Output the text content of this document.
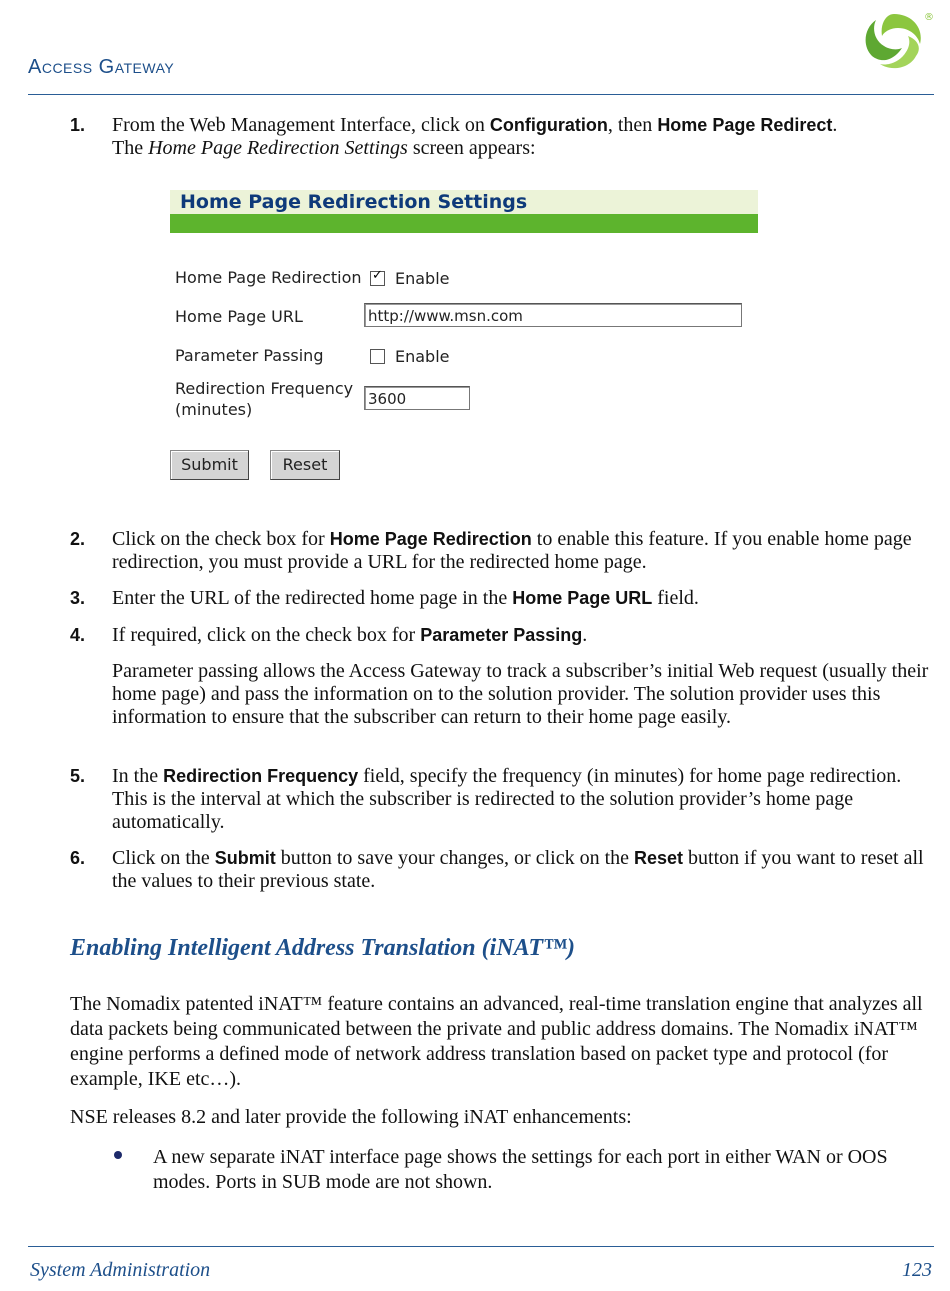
Access Gateway
®
1. From the Web Management Interface, click on Configuration, then Home Page Redirect.
The Home Page Redirection Settings screen appears:
Home Page Redirection Settings
Home Page Redirection
✓ Enable
Home Page URL	http://www.msn.com
Parameter Passing	Enable
Redirection Frequency
(minutes)
3600
Submit	Reset
2. Click on the check box for Home Page Redirection to enable this feature. If you enable home page redirection, you must provide a URL for the redirected home page.
3. Enter the URL of the redirected home page in the Home Page URL field.
4. If required, click on the check box for Parameter Passing.
Parameter passing allows the Access Gateway to track a subscriber’s initial Web request (usually their home page) and pass the information on to the solution provider. The solution provider uses this information to ensure that the subscriber can return to their home page easily.
5. In the Redirection Frequency field, specify the frequency (in minutes) for home page redirection. This is the interval at which the subscriber is redirected to the solution provider’s home page automatically.
6. Click on the Submit button to save your changes, or click on the Reset button if you want to reset all the values to their previous state.
Enabling Intelligent Address Translation (iNAT™)
The Nomadix patented iNAT™ feature contains an advanced, real-time translation engine that analyzes all data packets being communicated between the private and public address domains. The Nomadix iNAT™ engine performs a defined mode of network address translation based on packet type and protocol (for example, IKE etc…).
NSE releases 8.2 and later provide the following iNAT enhancements:
A new separate iNAT interface page shows the settings for each port in either WAN or OOS modes. Ports in SUB mode are not shown.
System Administration	123
